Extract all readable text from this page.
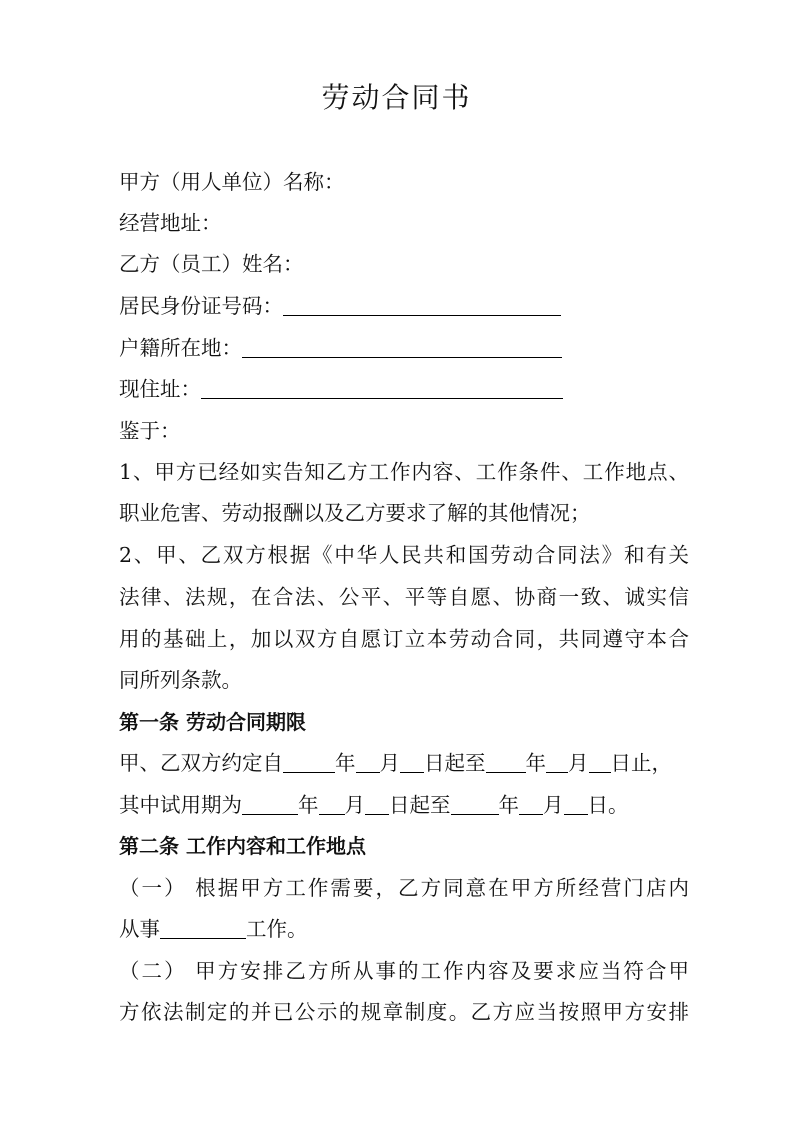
劳动合同书
甲方（用人单位）名称：
经营地址：
乙方（员工）姓名：
居民身份证号码：
户籍所在地：
现住址：
鉴于：
1、甲方已经如实告知乙方工作内容、工作条件、工作地点、
职业危害、劳动报酬以及乙方要求了解的其他情况；
2、甲、乙双方根据《中华人民共和国劳动合同法》和有关
法律、法规，在合法、公平、平等自愿、协商一致、诚实信
用的基础上，加以双方自愿订立本劳动合同，共同遵守本合
同所列条款。
第一条 劳动合同期限
甲、乙双方约定自	年 月 日起至 年 月 日止，
其中试用期为	年 月 日起至 年 月 日。
第二条 工作内容和工作地点
（一） 根据甲方工作需要，乙方同意在甲方所经营门店内
从事	工作。
（二） 甲方安排乙方所从事的工作内容及要求应当符合甲
方依法制定的并已公示的规章制度。乙方应当按照甲方安排
